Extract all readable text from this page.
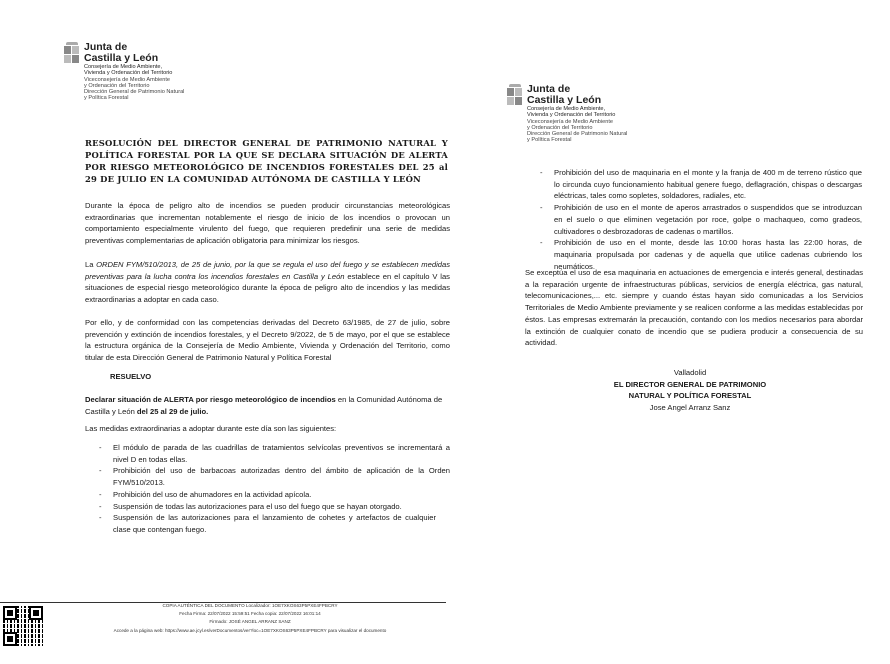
Junta de
Castilla y León
Consejería de Medio Ambiente,
Vivienda y Ordenación del Territorio
Viceconsejería de Medio Ambiente
y Ordenación del Territorio
Dirección General de Patrimonio Natural
y Política Forestal
RESOLUCIÓN DEL DIRECTOR GENERAL DE PATRIMONIO NATURAL Y POLÍTICA FORESTAL POR LA QUE SE DECLARA SITUACIÓN DE ALERTA POR RIESGO METEOROLÓGICO DE INCENDIOS FORESTALES DEL 25 al 29 DE JULIO EN LA COMUNIDAD AUTÓNOMA DE CASTILLA Y LEÓN
Durante la época de peligro alto de incendios se pueden producir circunstancias meteorológicas extraordinarias que incrementan notablemente el riesgo de inicio de los incendios o provocan un comportamiento especialmente virulento del fuego, que requieren predefinir una serie de medidas preventivas complementarias de aplicación obligatoria para minimizar los riesgos.
La ORDEN FYM/510/2013, de 25 de junio, por la que se regula el uso del fuego y se establecen medidas preventivas para la lucha contra los incendios forestales en Castilla y León establece en el capítulo V las situaciones de especial riesgo meteorológico durante la época de peligro alto de incendios y las medidas extraordinarias a adoptar en cada caso.
Por ello, y de conformidad con las competencias derivadas del Decreto 63/1985, de 27 de julio, sobre prevención y extinción de incendios forestales, y el Decreto 9/2022, de 5 de mayo, por el que se establece la estructura orgánica de la Consejería de Medio Ambiente, Vivienda y Ordenación del Territorio, como titular de esta Dirección General de Patrimonio Natural y Política Forestal
RESUELVO
Declarar situación de ALERTA por riesgo meteorológico de incendios en la Comunidad Autónoma de Castilla y León del 25 al 29 de julio.
Las medidas extraordinarias a adoptar durante este día son las siguientes:
- El módulo de parada de las cuadrillas de tratamientos selvícolas preventivos se incrementará a nivel D en todas ellas.
- Prohibición del uso de barbacoas autorizadas dentro del ámbito de aplicación de la Orden FYM/510/2013.
- Prohibición del uso de ahumadores en la actividad apícola.
- Suspensión de todas las autorizaciones para el uso del fuego que se hayan otorgado.
- Suspensión de las autorizaciones para el lanzamiento de cohetes y artefactos de cualquier clase que contengan fuego.
COPIA AUTÉNTICA DEL DOCUMENTO Localizador: 1OE7XKOS63P5PXE4FPBCRY
Fecha Firma: 22/07/2022 15:59:51 Fecha copia: 22/07/2022 16:01:14
Firmado: JOSÉ ANGEL ARRANZ SANZ
Accede a la página web: https://www.ae.jcyl.es/verDocumentos/ver?loc=1OE7XKOS63P5PXE4FPBCRY para visualizar el documento
Junta de
Castilla y León
Consejería de Medio Ambiente,
Vivienda y Ordenación del Territorio
Viceconsejería de Medio Ambiente
y Ordenación del Territorio
Dirección General de Patrimonio Natural
y Política Forestal
- Prohibición del uso de maquinaria en el monte y la franja de 400 m de terreno rústico que lo circunda cuyo funcionamiento habitual genere fuego, deflagración, chispas o descargas eléctricas, tales como sopletes, soldadores, radiales, etc.
- Prohibición de uso en el monte de aperos arrastrados o suspendidos que se introduzcan en el suelo o que eliminen vegetación por roce, golpe o machaqueo, como gradeos, cultivadores o desbrozadoras de cadenas o martillos.
- Prohibición de uso en el monte, desde las 10:00 horas hasta las 22:00 horas, de maquinaria propulsada por cadenas y de aquella que utilice cadenas cubriendo los neumáticos.
Se exceptúa el uso de esa maquinaria en actuaciones de emergencia e interés general, destinadas a la reparación urgente de infraestructuras públicas, servicios de energía eléctrica, gas natural, telecomunicaciones,... etc. siempre y cuando éstas hayan sido comunicadas a los Servicios Territoriales de Medio Ambiente previamente y se realicen conforme a las medidas establecidas por éstos. Las empresas extremarán la precaución, contando con los medios necesarios para abordar la extinción de cualquier conato de incendio que se pudiera producir a consecuencia de su actividad.
Valladolid
EL DIRECTOR GENERAL DE PATRIMONIO
NATURAL Y POLÍTICA FORESTAL
Jose Angel Arranz Sanz
